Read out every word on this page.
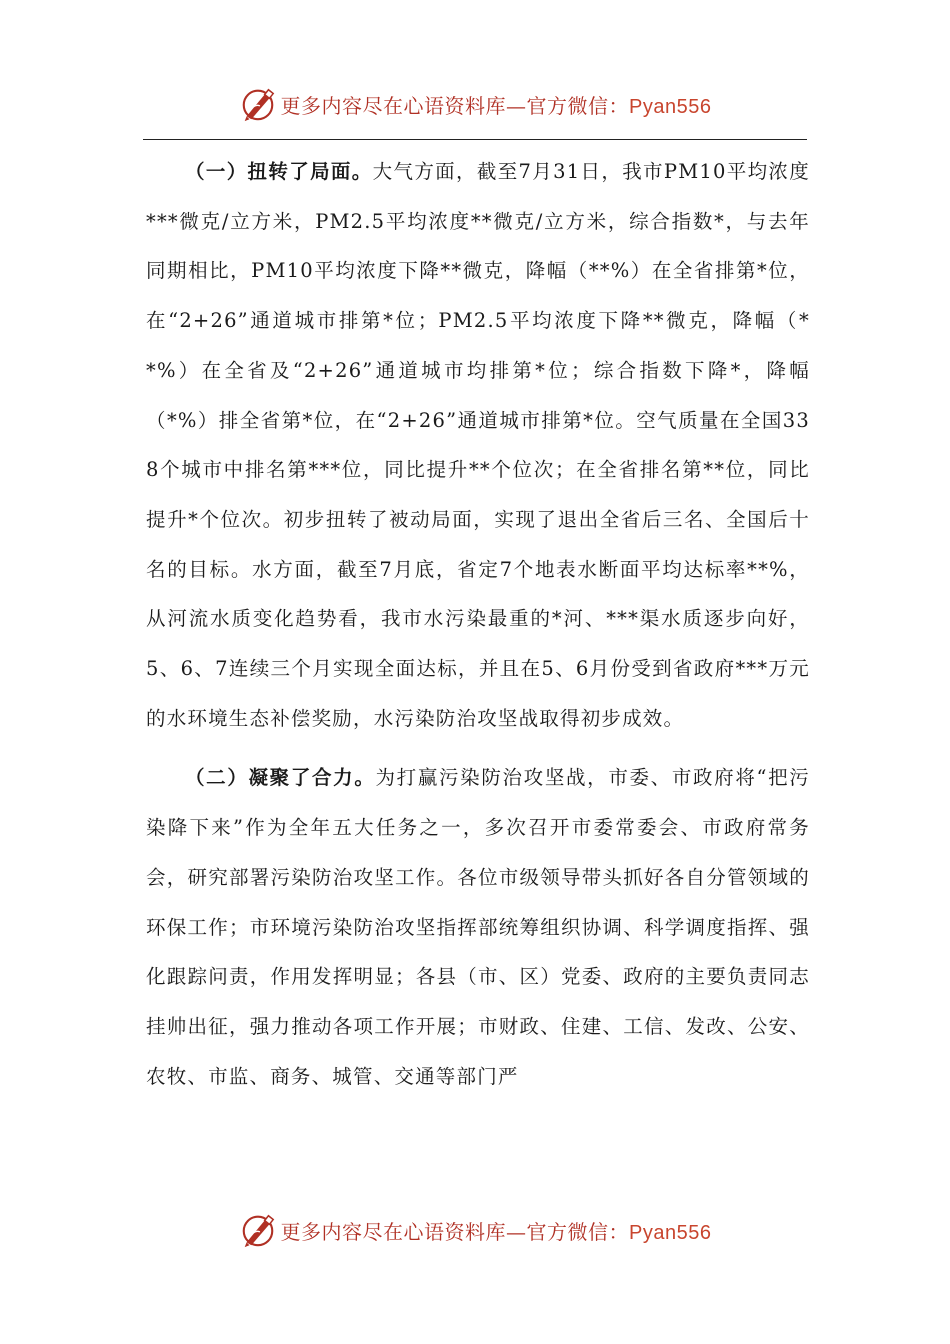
更多内容尽在心语资料库—官方微信：Pyan556

（一）扭转了局面。大气方面，截至7月31日，我市PM10平均浓度***微克/立方米，PM2.5平均浓度**微克/立方米，综合指数*，与去年同期相比，PM10平均浓度下降**微克，降幅（**%）在全省排第*位，在“2+26”通道城市排第*位；PM2.5平均浓度下降**微克，降幅（**%）在全省及“2+26”通道城市均排第*位；综合指数下降*，降幅（*%）排全省第*位，在“2+26”通道城市排第*位。空气质量在全国338个城市中排名第***位，同比提升**个位次；在全省排名第**位，同比提升*个位次。初步扭转了被动局面，实现了退出全省后三名、全国后十名的目标。水方面，截至7月底，省定7个地表水断面平均达标率**%，从河流水质变化趋势看，我市水污染最重的*河、***渠水质逐步向好，5、6、7连续三个月实现全面达标，并且在5、6月份受到省政府***万元的水环境生态补偿奖励，水污染防治攻坚战取得初步成效。

（二）凝聚了合力。为打赢污染防治攻坚战，市委、市政府将“把污染降下来”作为全年五大任务之一，多次召开市委常委会、市政府常务会，研究部署污染防治攻坚工作。各位市级领导带头抓好各自分管领域的环保工作；市环境污染防治攻坚指挥部统筹组织协调、科学调度指挥、强化跟踪问责，作用发挥明显；各县（市、区）党委、政府的主要负责同志挂帅出征，强力推动各项工作开展；市财政、住建、工信、发改、公安、农牧、市监、商务、城管、交通等部门严

更多内容尽在心语资料库—官方微信：Pyan556
